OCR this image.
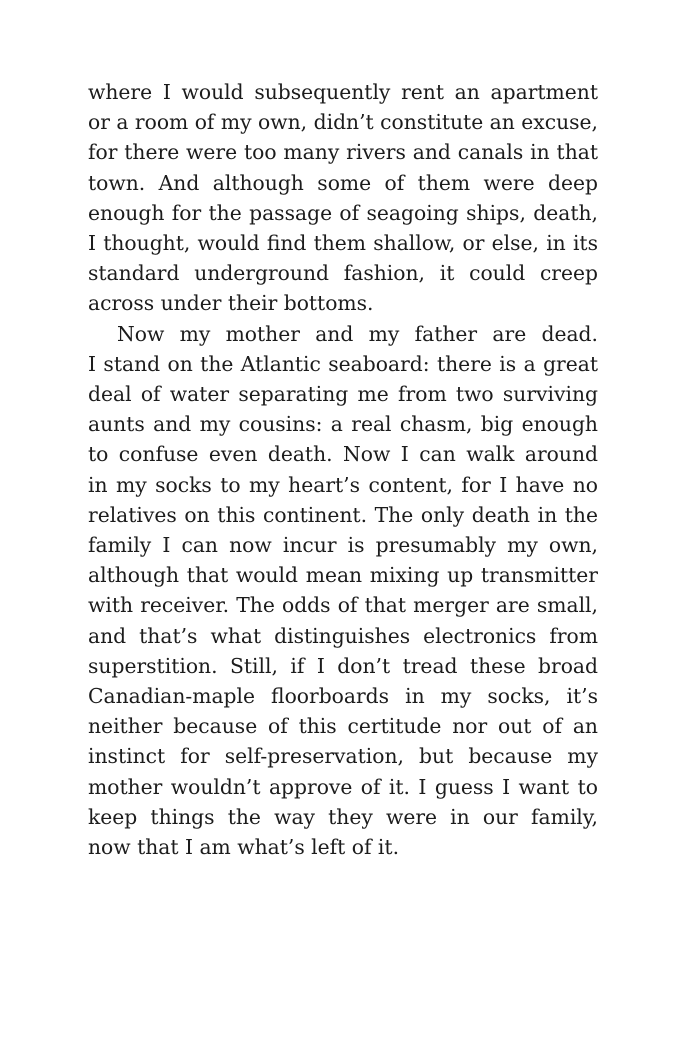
where I would subsequently rent an apartment
or a room of my own, didn’t constitute an excuse,
for there were too many rivers and canals in that
town. And although some of them were deep
enough for the passage of seagoing ships, death,
I thought, would find them shallow, or else, in its
standard underground fashion, it could creep
across under their bottoms.

Now my mother and my father are dead.
I stand on the Atlantic seaboard: there is a great
deal of water separating me from two surviving
aunts and my cousins: a real chasm, big enough
to confuse even death. Now I can walk around
in my socks to my heart’s content, for I have no
relatives on this continent. The only death in the
family I can now incur is presumably my own,
although that would mean mixing up transmitter
with receiver. The odds of that merger are small,
and that’s what distinguishes electronics from
superstition. Still, if I don’t tread these broad
Canadian-maple floorboards in my socks, it’s
neither because of this certitude nor out of an
instinct for self-preservation, but because my
mother wouldn’t approve of it. I guess I want to
keep things the way they were in our family,
now that I am what’s left of it.
